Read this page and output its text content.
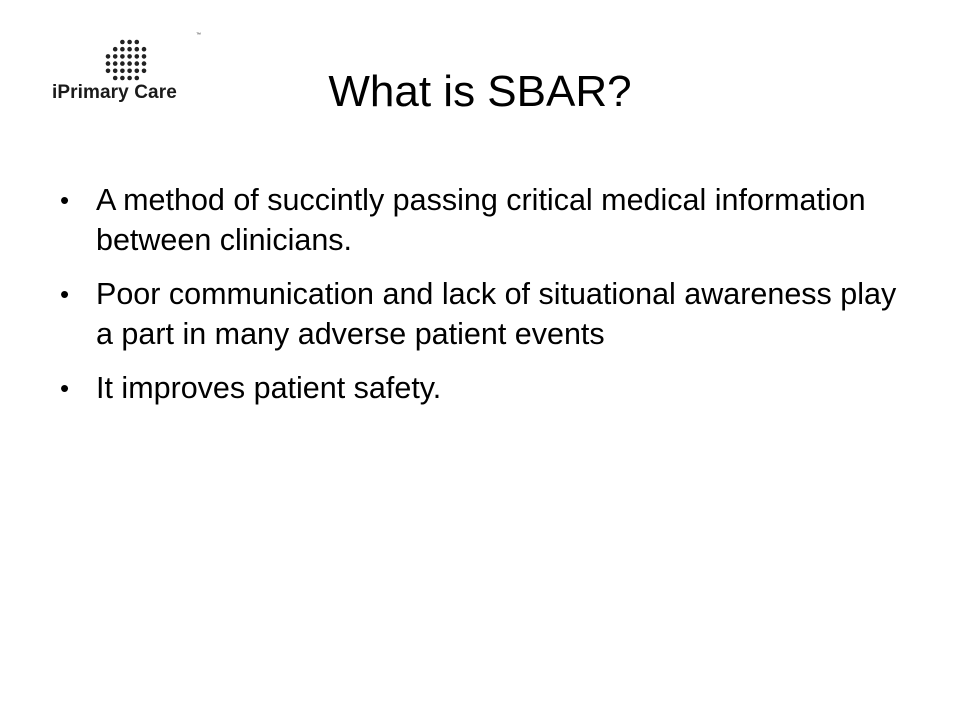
™
iPrimary Care	What is SBAR?
• A method of succintly passing critical medical information between clinicians.
• Poor communication and lack of situational awareness play a part in many adverse patient events
• It improves patient safety.
